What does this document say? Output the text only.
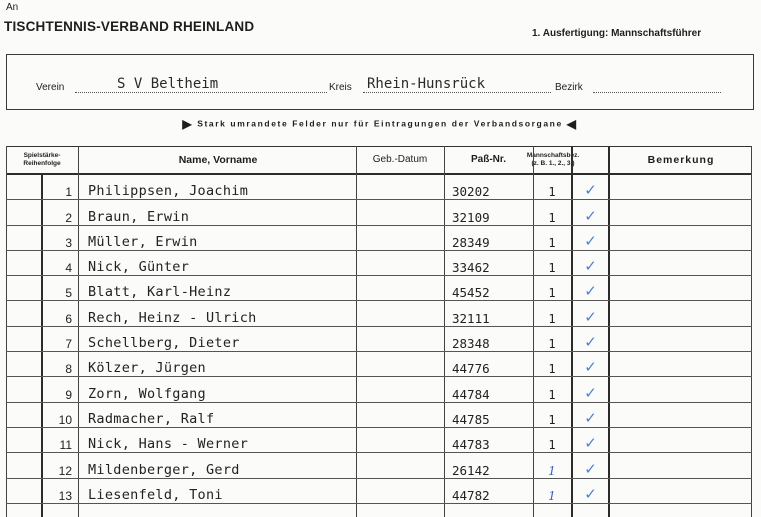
An
TISCHTENNIS-VERBAND RHEINLAND	1. Ausfertigung: Mannschaftsführer
Verein	S V Beltheim	Kreis Rhein-Hunsrück	Bezirk
▶ Stark umrandete Felder nur für Eintragungen der Verbandsorgane ◀
Spielstärke-Reihenfolge	Name, Vorname	Geb.-Datum	Paß-Nr.	Mannschaftsbez. (z. B. 1., 2., 3.)	Bemerkung
1 Philippsen, Joachim	30202	1	✓
2 Braun, Erwin	32109	1	✓
3 Müller, Erwin	28349	1	✓
4 Nick, Günter	33462	1	✓
5 Blatt, Karl-Heinz	45452	1	✓
6 Rech, Heinz - Ulrich	32111	1	✓
7 Schellberg, Dieter	28348	1	✓
8 Kölzer, Jürgen	44776	1	✓
9 Zorn, Wolfgang	44784	1	✓
10 Radmacher, Ralf	44785	1	✓
11 Nick, Hans - Werner	44783	1	✓
12 Mildenberger, Gerd	26142	1	✓
13 Liesenfeld, Toni	44782	1	✓
